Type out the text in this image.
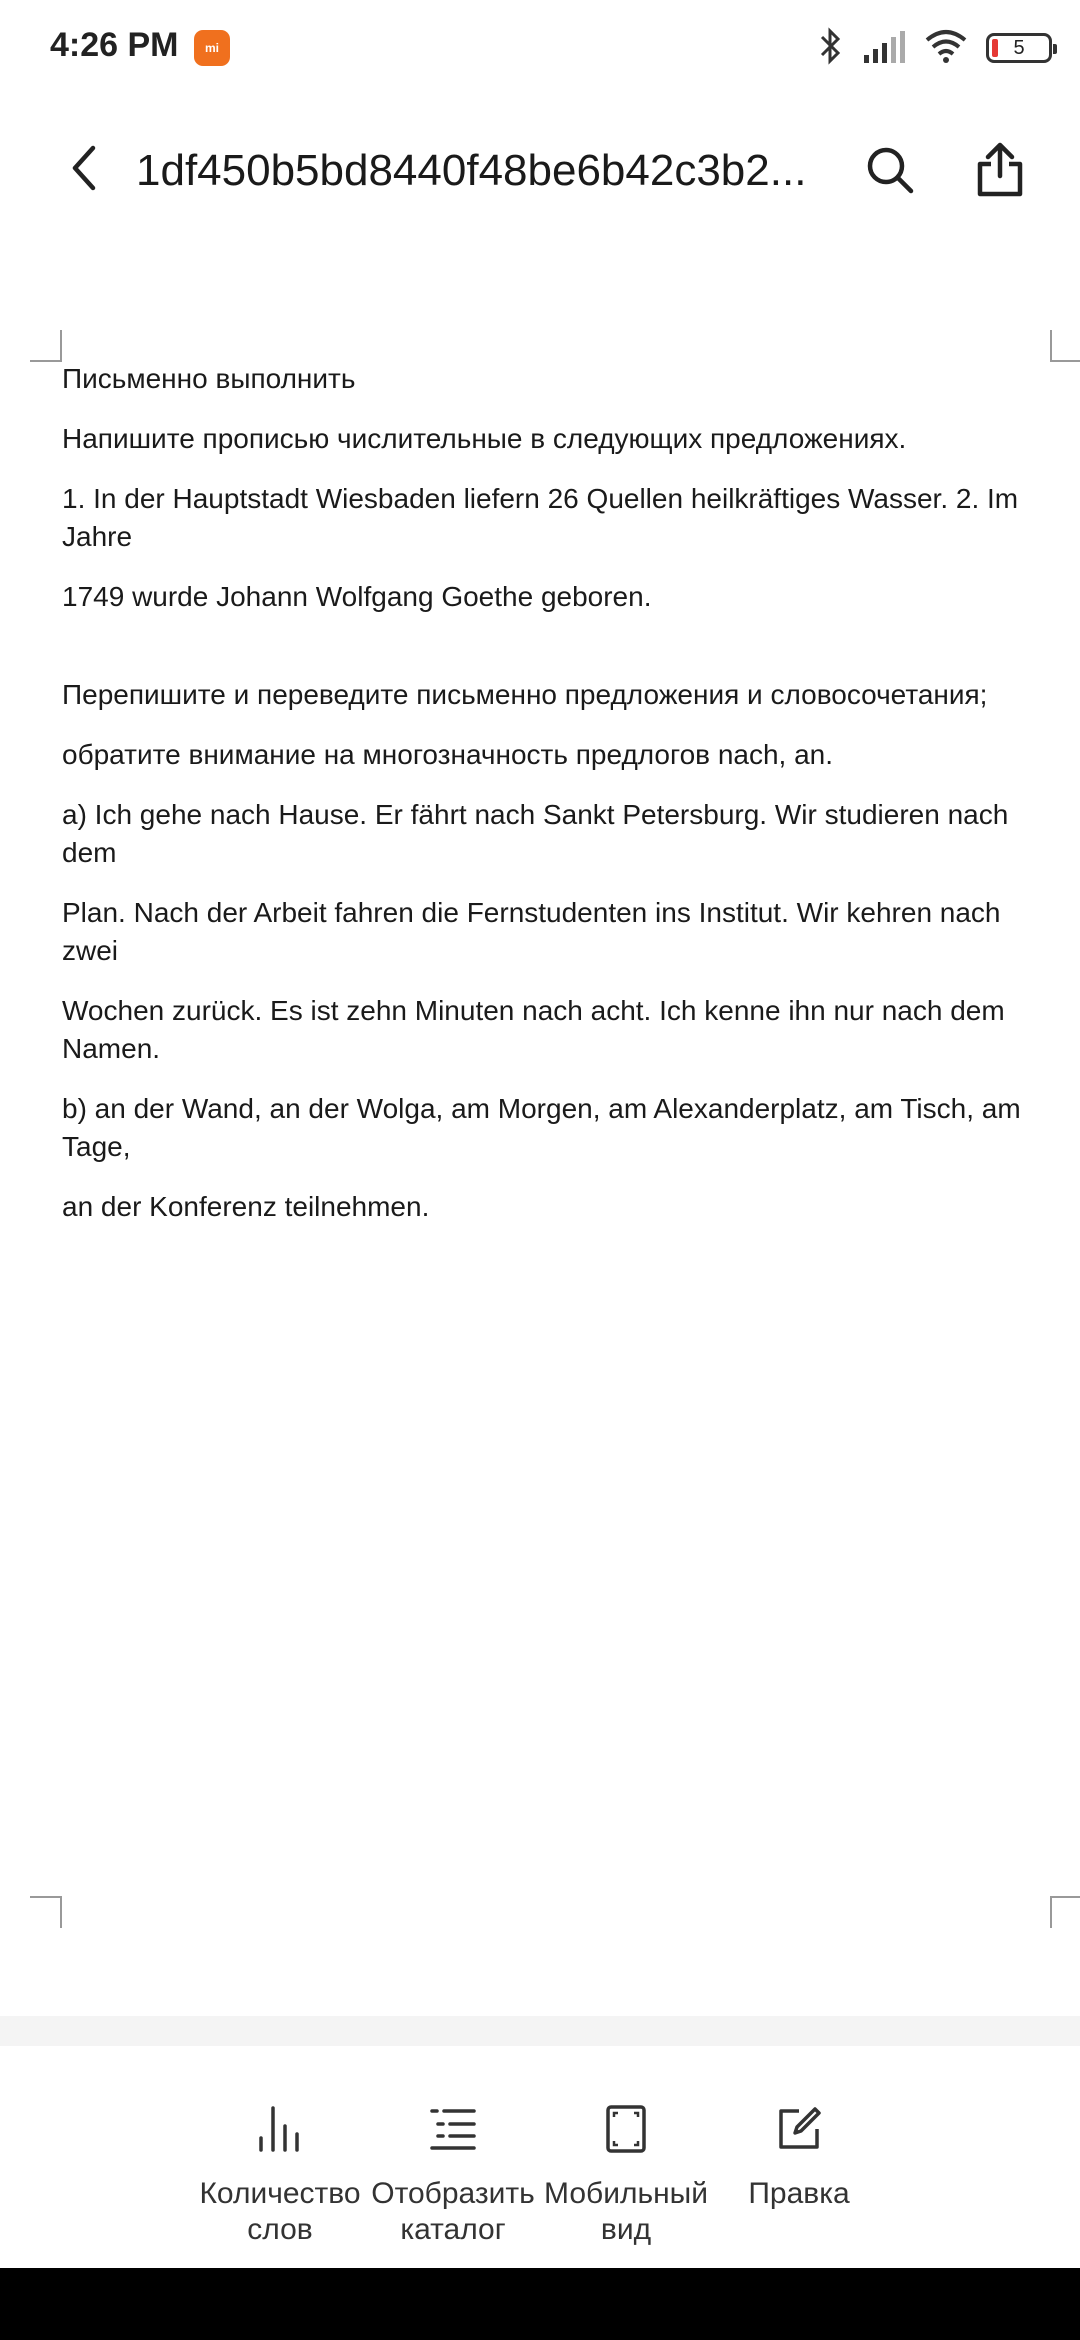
4:26 PM
mi	5
1df450b5bd8440f48be6b42c3b2...

Письменно выполнить

Напишите прописью числительные в следующих предложениях.

1. In der Hauptstadt Wiesbaden liefern 26 Quellen heilkräftiges Wasser. 2. Im Jahre

1749 wurde Johann Wolfgang Goethe geboren.

Перепишите и переведите письменно предложения и словосочетания;

обратите внимание на многозначность предлогов nach, an.

a) Ich gehe nach Hause. Er fährt nach Sankt Petersburg. Wir studieren nach dem

Plan. Nach der Arbeit fahren die Fernstudenten ins Institut. Wir kehren nach zwei

Wochen zurück. Es ist zehn Minuten nach acht. Ich kenne ihn nur nach dem Namen.

b) an der Wand, an der Wolga, am Morgen, am Alexanderplatz, am Tisch, am Tage,

an der Konferenz teilnehmen.

Количество
слов
Отобразить
каталог
Мобильный
вид
Правка
